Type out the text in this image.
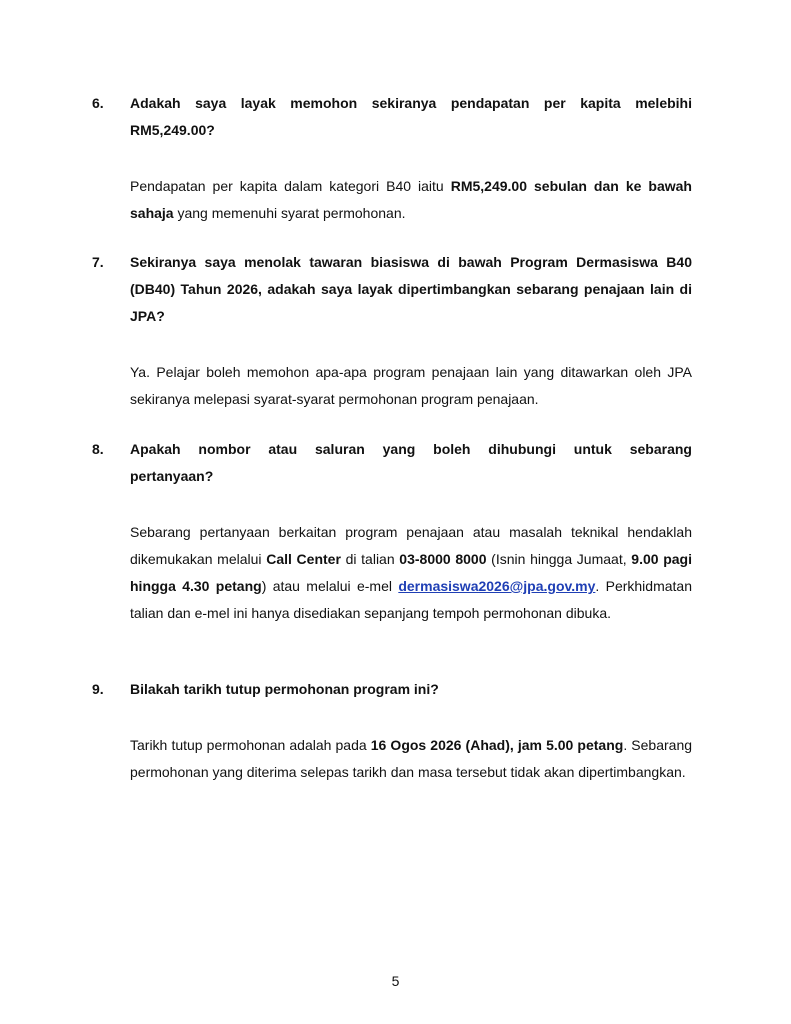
6. Adakah saya layak memohon sekiranya pendapatan per kapita melebihi RM5,249.00?
Pendapatan per kapita dalam kategori B40 iaitu RM5,249.00 sebulan dan ke bawah sahaja yang memenuhi syarat permohonan.
7. Sekiranya saya menolak tawaran biasiswa di bawah Program Dermasiswa B40 (DB40) Tahun 2026, adakah saya layak dipertimbangkan sebarang penajaan lain di JPA?
Ya. Pelajar boleh memohon apa-apa program penajaan lain yang ditawarkan oleh JPA sekiranya melepasi syarat-syarat permohonan program penajaan.
8. Apakah nombor atau saluran yang boleh dihubungi untuk sebarang pertanyaan?
Sebarang pertanyaan berkaitan program penajaan atau masalah teknikal hendaklah dikemukakan melalui Call Center di talian 03-8000 8000 (Isnin hingga Jumaat, 9.00 pagi hingga 4.30 petang) atau melalui e-mel dermasiswa2026@jpa.gov.my. Perkhidmatan talian dan e-mel ini hanya disediakan sepanjang tempoh permohonan dibuka.
9. Bilakah tarikh tutup permohonan program ini?
Tarikh tutup permohonan adalah pada 16 Ogos 2026 (Ahad), jam 5.00 petang. Sebarang permohonan yang diterima selepas tarikh dan masa tersebut tidak akan dipertimbangkan.
5
